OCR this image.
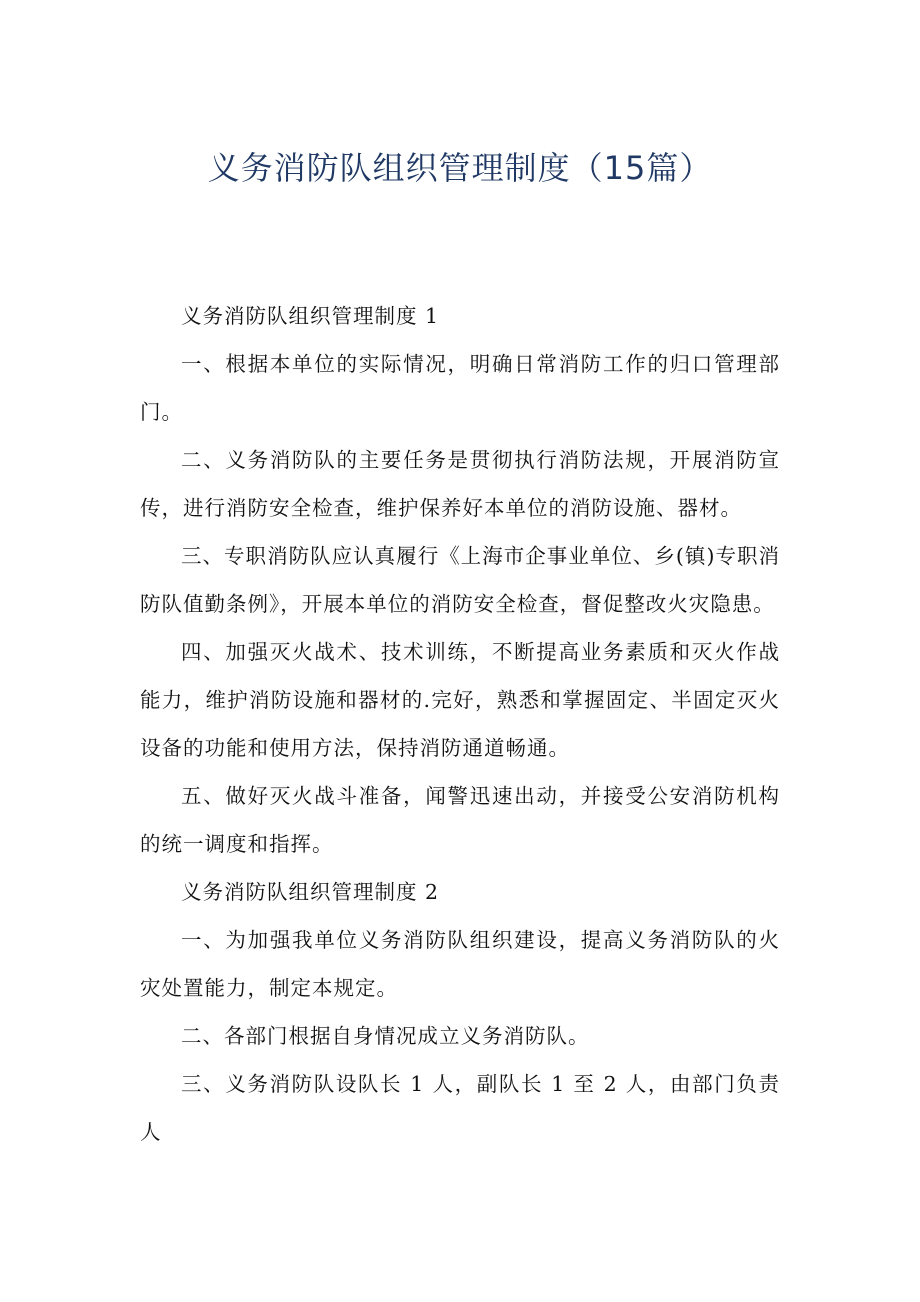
义务消防队组织管理制度（15篇）

义务消防队组织管理制度 1

一、根据本单位的实际情况，明确日常消防工作的归口管理部门。

二、义务消防队的主要任务是贯彻执行消防法规，开展消防宣传，进行消防安全检查，维护保养好本单位的消防设施、器材。

三、专职消防队应认真履行《上海市企事业单位、乡(镇)专职消防队值勤条例》，开展本单位的消防安全检查，督促整改火灾隐患。

四、加强灭火战术、技术训练，不断提高业务素质和灭火作战能力，维护消防设施和器材的.完好，熟悉和掌握固定、半固定灭火设备的功能和使用方法，保持消防通道畅通。

五、做好灭火战斗准备，闻警迅速出动，并接受公安消防机构的统一调度和指挥。

义务消防队组织管理制度 2

一、为加强我单位义务消防队组织建设，提高义务消防队的火灾处置能力，制定本规定。

二、各部门根据自身情况成立义务消防队。

三、义务消防队设队长 1 人，副队长 1 至 2 人，由部门负责人
